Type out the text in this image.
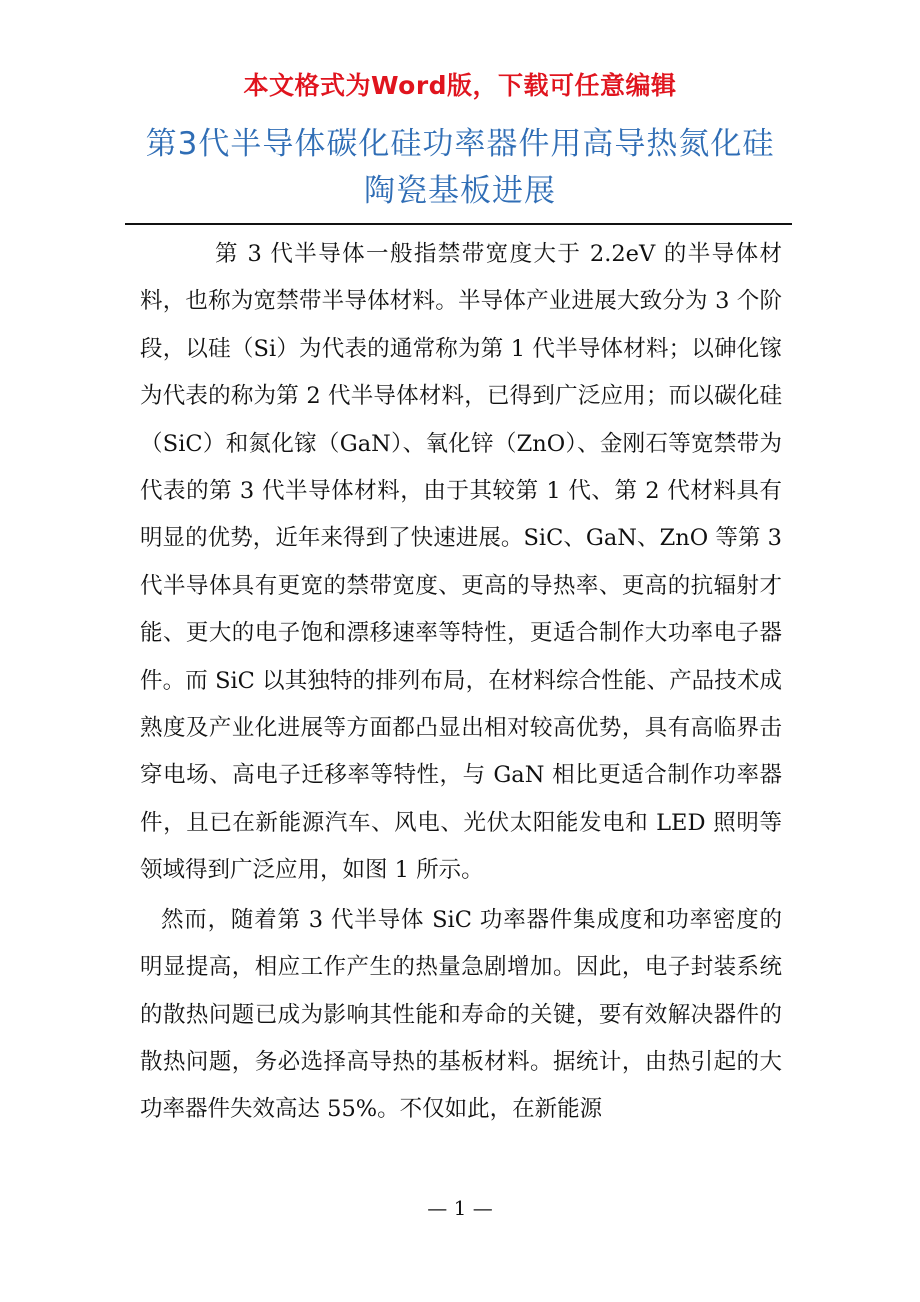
本文格式为Word版，下载可任意编辑
第3代半导体碳化硅功率器件用高导热氮化硅陶瓷基板进展

第 3 代半导体一般指禁带宽度大于 2.2eV 的半导体材料，也称为宽禁带半导体材料。半导体产业进展大致分为 3 个阶段，以硅（Si）为代表的通常称为第 1 代半导体材料；以砷化镓为代表的称为第 2 代半导体材料，已得到广泛应用；而以碳化硅（SiC）和氮化镓（GaN）、氧化锌（ZnO）、金刚石等宽禁带为代表的第 3 代半导体材料，由于其较第 1 代、第 2 代材料具有明显的优势，近年来得到了快速进展。SiC、GaN、ZnO 等第 3 代半导体具有更宽的禁带宽度、更高的导热率、更高的抗辐射才能、更大的电子饱和漂移速率等特性，更适合制作大功率电子器件。而 SiC 以其独特的排列布局，在材料综合性能、产品技术成熟度及产业化进展等方面都凸显出相对较高优势，具有高临界击穿电场、高电子迁移率等特性，与 GaN 相比更适合制作功率器件，且已在新能源汽车、风电、光伏太阳能发电和 LED 照明等领域得到广泛应用，如图 1 所示。

然而，随着第 3 代半导体 SiC 功率器件集成度和功率密度的明显提高，相应工作产生的热量急剧增加。因此，电子封装系统的散热问题已成为影响其性能和寿命的关键，要有效解决器件的散热问题，务必选择高导热的基板材料。据统计，由热引起的大功率器件失效高达 55%。不仅如此，在新能源

— 1 —
